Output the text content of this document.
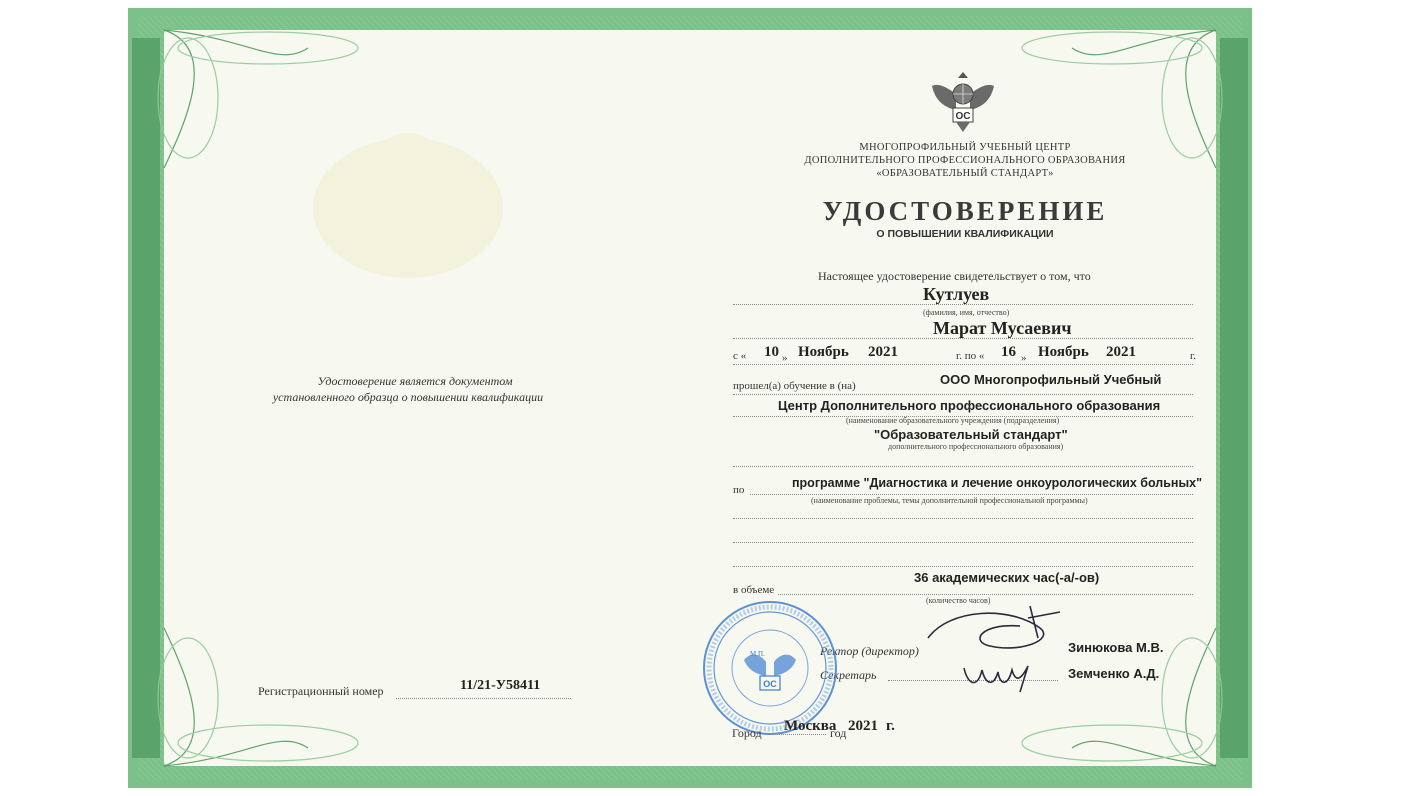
Удостоверение является документом
установленного образца о повышении квалификации
Регистрационный номер	11/21-У58411
ОС
МНОГОПРОФИЛЬНЫЙ УЧЕБНЫЙ ЦЕНТР
ДОПОЛНИТЕЛЬНОГО ПРОФЕССИОНАЛЬНОГО ОБРАЗОВАНИЯ
«ОБРАЗОВАТЕЛЬНЫЙ СТАНДАРТ»
УДОСТОВЕРЕНИЕ
О ПОВЫШЕНИИ КВАЛИФИКАЦИИ
Настоящее удостоверение свидетельствует о том, что
Кутлуев
(фамилия, имя, отчество)
Марат Мусаевич
с « 10 » Ноябрь 2021	г. по « 16 » Ноябрь 2021	г.
прошел(а) обучение в (на)	ООО Многопрофильный Учебный
Центр Дополнительного профессионального образования
(наименование образовательного учреждения (подразделения)
"Образовательный стандарт"
дополнительного профессионального образования)
по	программе "Диагностика и лечение онкоурологических больных"
(наименование проблемы, темы дополнительной профессиональной программы)
36 академических час(-а/-ов)
в объеме
(количество часов)
Ректор (директор)	Зинюкова М.В.
Секретарь	Земченко А.Д.
ОС
М.П.
Город Москва
год 2021 г.
